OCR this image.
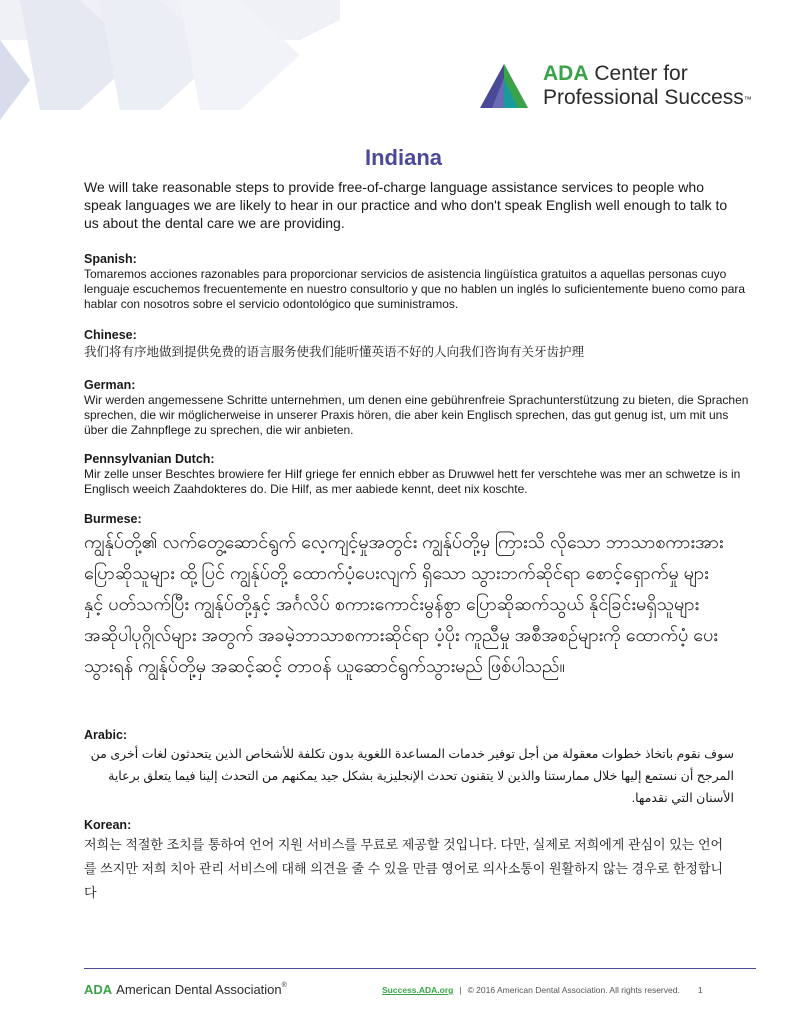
ADA Center for
Professional Success™
Indiana
We will take reasonable steps to provide free-of-charge language assistance services to people who speak languages we are likely to hear in our practice and who don't speak English well enough to talk to us about the dental care we are providing.
Spanish:
Tomaremos acciones razonables para proporcionar servicios de asistencia lingüística gratuitos a aquellas personas cuyo lenguaje escuchemos frecuentemente en nuestro consultorio y que no hablen un inglés lo suficientemente bueno como para hablar con nosotros sobre el servicio odontológico que suministramos.
Chinese:
我们将有序地做到提供免费的语言服务使我们能听懂英语不好的人向我们咨询有关牙齿护理
German:
Wir werden angemessene Schritte unternehmen, um denen eine gebührenfreie Sprachunterstützung zu bieten, die Sprachen sprechen, die wir möglicherweise in unserer Praxis hören, die aber kein Englisch sprechen, das gut genug ist, um mit uns über die Zahnpflege zu sprechen, die wir anbieten.
Pennsylvanian Dutch:
Mir zelle unser Beschtes browiere fer Hilf griege fer ennich ebber as Druwwel hett fer verschtehe was mer an schwetze is in Englisch weeich Zaahdokteres do. Die Hilf, as mer aabiede kennt, deet nix koschte.
Burmese:
ကျွန်ုပ်တို့၏ လက်တွေ့ဆောင်ရွက် လေ့ကျင့်မှုအတွင်း ကျွန်ုပ်တို့မှ ကြားသိ လိုသော ဘာသာစကားအား ပြောဆိုသူများ ထို့ပြင် ကျွန်ုပ်တို့ ထောက်ပံ့ပေးလျက် ရှိသော သွားဘက်ဆိုင်ရာ စောင့်ရှောက်မှု များနှင့် ပတ်သက်ပြီး ကျွန်ုပ်တို့နှင့် အင်္ဂလိပ် စကားကောင်းမွန်စွာ ပြောဆိုဆက်သွယ် နိုင်ခြင်းမရှိသူများ အဆိုပါပုဂ္ဂိုလ်များ အတွက် အခမဲ့ဘာသာစကားဆိုင်ရာ ပံ့ပိုး ကူညီမှု အစီအစဉ်များကို ထောက်ပံ့ ပေးသွားရန် ကျွန်ုပ်တို့မှ အဆင့်ဆင့် တာဝန် ယူဆောင်ရွက်သွားမည် ဖြစ်ပါသည်။
Arabic:
سوف نقوم باتخاذ خطوات معقولة من أجل توفير خدمات المساعدة اللغوية بدون تكلفة للأشخاص الذين يتحدثون لغات أخرى من المرجح أن نستمع إليها خلال ممارستنا والذين لا يتقنون تحدث الإنجليزية بشكل جيد يمكنهم من التحدث إلينا فيما يتعلق برعاية الأسنان التي نقدمها.
Korean:
저희는 적절한 조치를 통하여 언어 지원 서비스를 무료로 제공할 것입니다. 다만, 실제로 저희에게 관심이 있는 언어를 쓰지만 저희 치아 관리 서비스에 대해 의견을 줄 수 있을 만큼 영어로 의사소통이 원활하지 않는 경우로 한정합니다
ADA American Dental Association®	Success.ADA.org | © 2016 American Dental Association. All rights reserved. 1
